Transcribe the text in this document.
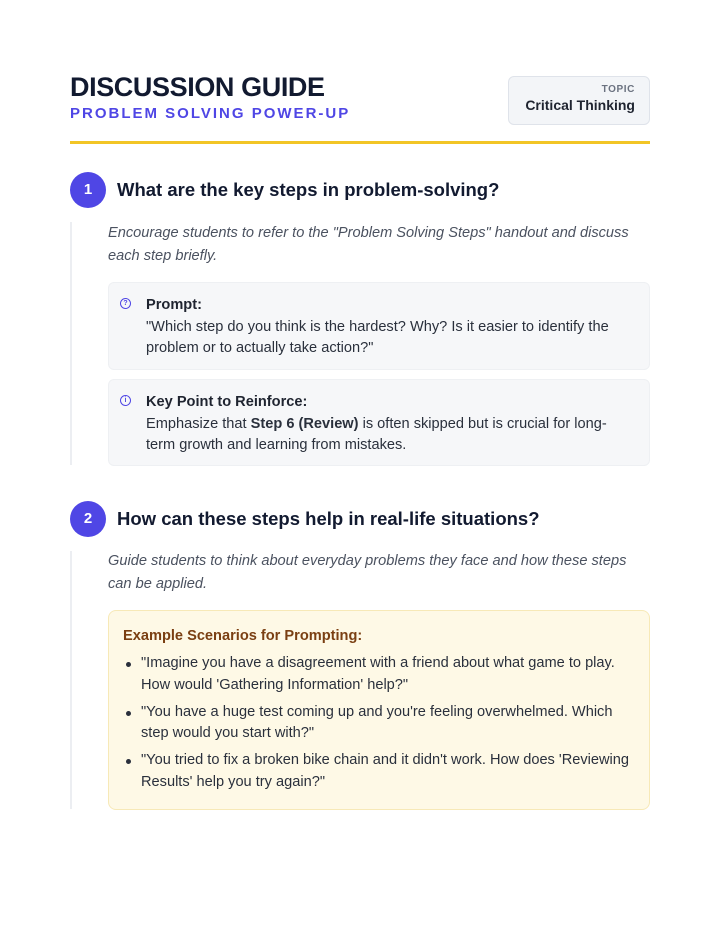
DISCUSSION GUIDE
PROBLEM SOLVING POWER-UP
TOPIC
Critical Thinking
1	What are the key steps in problem-solving?
Encourage students to refer to the "Problem Solving Steps" handout and discuss each step briefly.
? Prompt:
"Which step do you think is the hardest? Why? Is it easier to identify the problem or to actually take action?"
i	Key Point to Reinforce:
Emphasize that Step 6 (Review) is often skipped but is crucial for long-term growth and learning from mistakes.
2	How can these steps help in real-life situations?
Guide students to think about everyday problems they face and how these steps can be applied.
Example Scenarios for Prompting:
"Imagine you have a disagreement with a friend about what game to play. How would 'Gathering Information' help?"
"You have a huge test coming up and you're feeling overwhelmed. Which step would you start with?"
"You tried to fix a broken bike chain and it didn't work. How does 'Reviewing Results' help you try again?"
